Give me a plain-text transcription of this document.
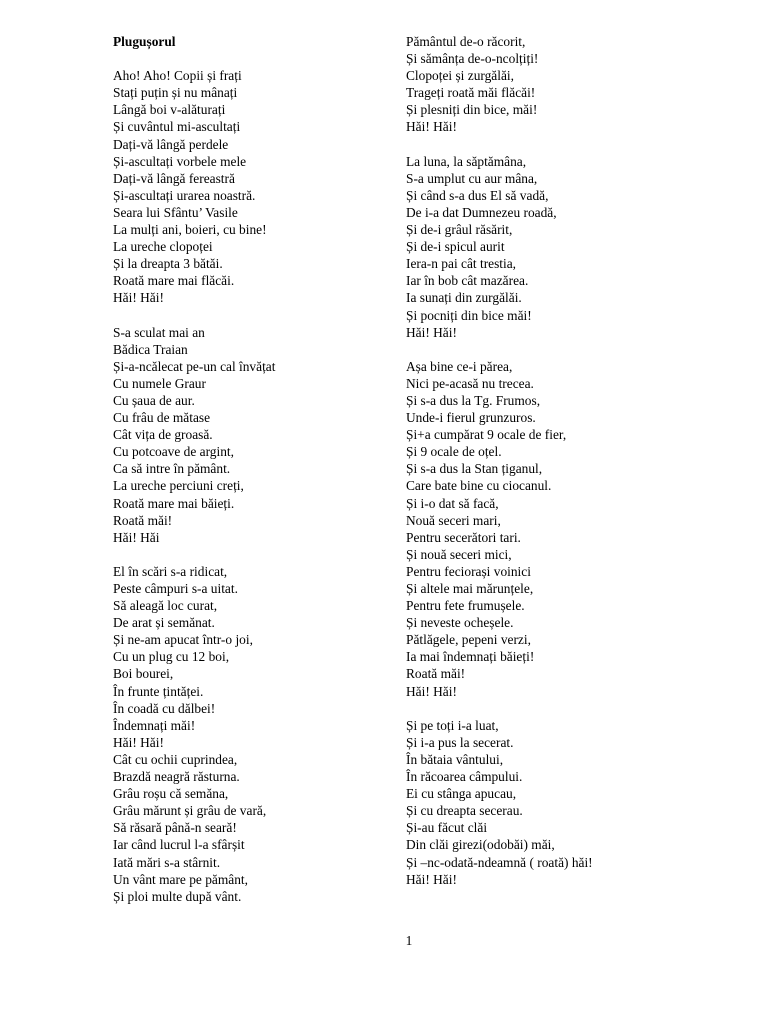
Plugușorul
Aho! Aho! Copii și frați
Stați puțin și nu mânați
Lângă boi v-alăturați
Și cuvântul mi-ascultați
Dați-vă lângă perdele
Și-ascultați vorbele mele
Dați-vă lângă fereastră
Și-ascultați urarea noastră.
Seara lui Sfântu’ Vasile
La mulți ani, boieri, cu bine!
La ureche clopoței
Și la dreapta 3 bătăi.
Roată mare mai flăcăi.
Hăi! Hăi!
S-a sculat mai an
Bădica Traian
Și-a-ncălecat pe-un cal învățat
Cu numele Graur
Cu șaua de aur.
Cu frâu de mătase
Cât vița de groasă.
Cu potcoave de argint,
Ca să intre în pământ.
La ureche perciuni creți,
Roată mare mai băieți.
Roată măi!
Hăi! Hăi
El în scări s-a ridicat,
Peste câmpuri s-a uitat.
Să aleagă loc curat,
De arat și semănat.
Și ne-am apucat într-o joi,
Cu un plug cu 12 boi,
Boi bourei,
În frunte țintăței.
În coadă cu dălbei!
Îndemnați măi!
Hăi! Hăi!
Cât cu ochii cuprindea,
Brazdă neagră răsturna.
Grâu roșu că semăna,
Grâu mărunt și grâu de vară,
Să răsară până-n seară!
Iar când lucrul l-a sfârșit
Iată mări s-a stârnit.
Un vânt mare pe pământ,
Și ploi multe după vânt.
Pământul de-o răcorit,
Și sămânța de-o-ncolțiți!
Clopoței și zurgălăi,
Trageți roată măi flăcăi!
Și plesniți din bice, măi!
Hăi! Hăi!
La luna, la săptămâna,
S-a umplut cu aur mâna,
Și când s-a dus El să vadă,
De i-a dat Dumnezeu roadă,
Și de-i grâul răsărit,
Și de-i spicul aurit
Iera-n pai cât trestia,
Iar în bob cât mazărea.
Ia sunați din zurgălăi.
Și pocniți din bice măi!
Hăi! Hăi!
Așa bine ce-i părea,
Nici pe-acasă nu trecea.
Și s-a dus la Tg. Frumos,
Unde-i fierul grunzuros.
Și+a cumpărat 9 ocale de fier,
Și 9 ocale de oțel.
Și s-a dus la Stan țiganul,
Care bate bine cu ciocanul.
Și i-o dat să facă,
Nouă seceri mari,
Pentru secerători tari.
Și nouă seceri mici,
Pentru feciorași voinici
Și altele mai mărunțele,
Pentru fete frumușele.
Și neveste ocheșele.
Pătlăgele, pepeni verzi,
Ia mai îndemnați băieți!
Roată măi!
Hăi! Hăi!
Și pe toți i-a luat,
Și i-a pus la secerat.
În bătaia vântului,
În răcoarea câmpului.
Ei cu stânga apucau,
Și cu dreapta secerau.
Și-au făcut clăi
Din clăi girezi(odobăi) măi,
Și –nc-odată-ndeamnă ( roată) hăi!
Hăi! Hăi!
1
